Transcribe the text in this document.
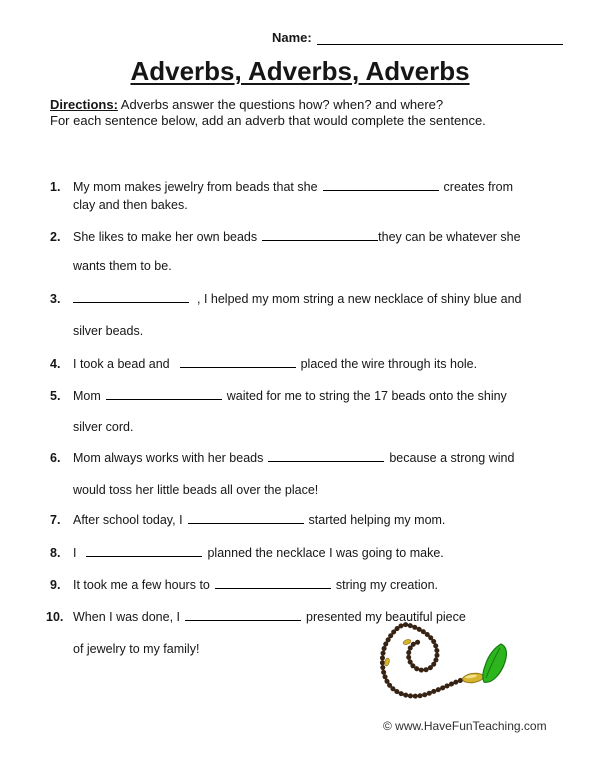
Name:
Adverbs, Adverbs, Adverbs
Directions: Adverbs answer the questions how? when? and where?
For each sentence below, add an adverb that would complete the sentence.
1. My mom makes jewelry from beads that she	creates from
clay and then bakes.
2. She likes to make her own beads	they can be whatever she
wants them to be.
3.	, I helped my mom string a new necklace of shiny blue and
silver beads.
4. I took a bead and	placed the wire through its hole.
5. Mom	waited for me to string the 17 beads onto the shiny
silver cord.
6. Mom always works with her beads	because a strong wind
would toss her little beads all over the place!
7. After school today, I	started helping my mom.
8. I	planned the necklace I was going to make.
9. It took me a few hours to	string my creation.
10. When I was done, I	presented my beautiful piece
of jewelry to my family!
© www.HaveFunTeaching.com
